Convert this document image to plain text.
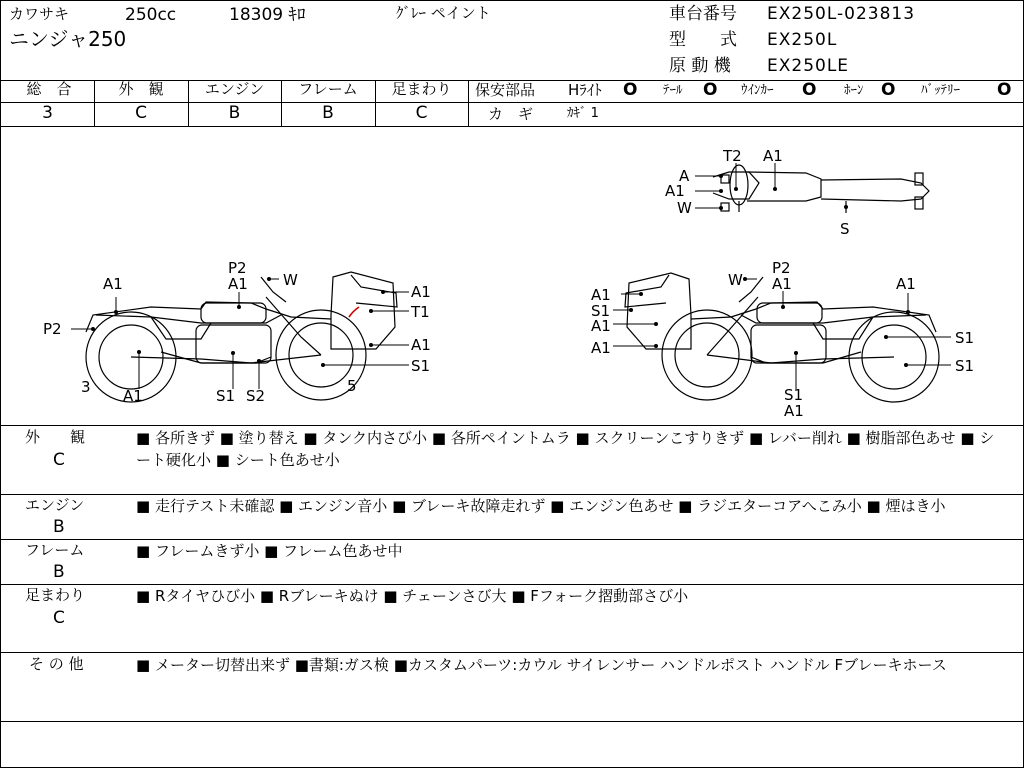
カワサキ	250cc	18309 ｷﾛ	ｸﾞﾚｰ ペイント
ニンジャ250
車台番号 EX250L-023813
型　　式 EX250L
原 動 機 EX250LE
総　合	外　観	エンジン	フレーム	足まわり
3	C	B	B	C
保安部品 Hﾗｲﾄ O ﾃｰﾙ O ｳｲﾝｶｰ O ﾎｰﾝ O ﾊﾞｯﾃﾘｰ O
カ　ギ	ｶｷﾞ 1
A1
P2
3 A1
P2
A1 W
S1 S2
A1
T1
A1
S1
5
A1
S1
A1
A1
W
P2
A1	A1
S1
S1
S1
A1
T2 A1
A
A1
W
S
外　　観
C
■ 各所きず ■ 塗り替え ■ タンク内さび小 ■ 各所ペイントムラ ■ スクリーンこすりきず ■ レバー削れ ■ 樹脂部色あせ ■ シート硬化小 ■ シート色あせ小
エンジン
B
■ 走行テスト未確認 ■ エンジン音小 ■ ブレーキ故障走れず ■ エンジン色あせ ■ ラジエターコアへこみ小 ■ 煙はき小
フレーム
B
■ フレームきず小 ■ フレーム色あせ中
足まわり
C
■ Rタイヤひび小 ■ Rブレーキぬけ ■ チェーンさび大 ■ Fフォーク摺動部さび小
そ の 他	■ メーター切替出来ず ■書類:ガス検 ■カスタムパーツ:カウル サイレンサー ハンドルポスト ハンドル Fブレーキホース
